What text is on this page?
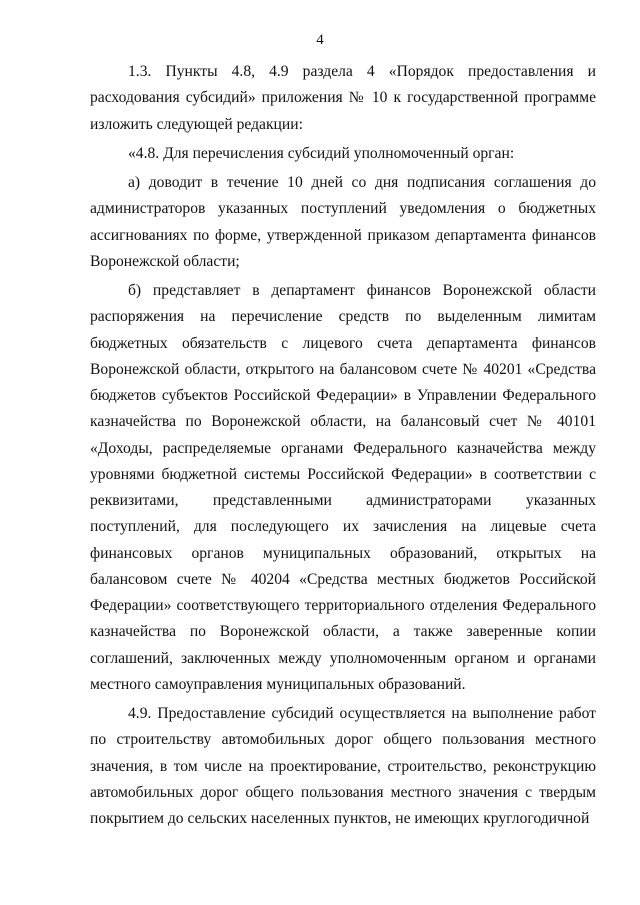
4

1.3. Пункты 4.8, 4.9 раздела 4 «Порядок предоставления и расходования субсидий» приложения № 10 к государственной программе изложить следующей редакции:

«4.8. Для перечисления субсидий уполномоченный орган:

а) доводит в течение 10 дней со дня подписания соглашения до администраторов указанных поступлений уведомления о бюджетных ассигнованиях по форме, утвержденной приказом департамента финансов Воронежской области;

б) представляет в департамент финансов Воронежской области распоряжения на перечисление средств по выделенным лимитам бюджетных обязательств с лицевого счета департамента финансов Воронежской области, открытого на балансовом счете № 40201 «Средства бюджетов субъектов Российской Федерации» в Управлении Федерального казначейства по Воронежской области, на балансовый счет № 40101 «Доходы, распределяемые органами Федерального казначейства между уровнями бюджетной системы Российской Федерации» в соответствии с реквизитами, представленными администраторами указанных поступлений, для последующего их зачисления на лицевые счета финансовых органов муниципальных образований, открытых на балансовом счете № 40204 «Средства местных бюджетов Российской Федерации» соответствующего территориального отделения Федерального казначейства по Воронежской области, а также заверенные копии соглашений, заключенных между уполномоченным органом и органами местного самоуправления муниципальных образований.

4.9. Предоставление субсидий осуществляется на выполнение работ по строительству автомобильных дорог общего пользования местного значения, в том числе на проектирование, строительство, реконструкцию автомобильных дорог общего пользования местного значения с твердым покрытием до сельских населенных пунктов, не имеющих круглогодичной
